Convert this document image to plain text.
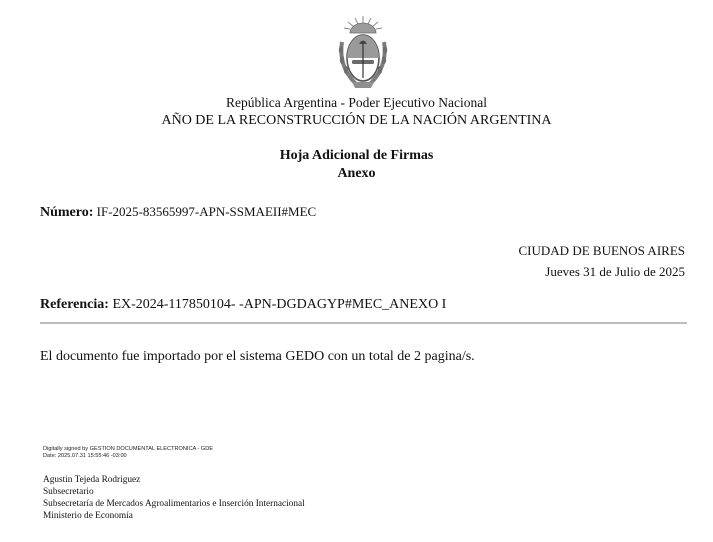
República Argentina - Poder Ejecutivo Nacional
AÑO DE LA RECONSTRUCCIÓN DE LA NACIÓN ARGENTINA
Hoja Adicional de Firmas
Anexo
Número: IF-2025-83565997-APN-SSMAEII#MEC
CIUDAD DE BUENOS AIRES
Jueves 31 de Julio de 2025
Referencia: EX-2024-117850104- -APN-DGDAGYP#MEC_ANEXO I
El documento fue importado por el sistema GEDO con un total de 2 pagina/s.
Digitally signed by GESTION DOCUMENTAL ELECTRONICA - GDE
Date: 2025.07.31 15:55:46 -03:00
Agustin Tejeda Rodriguez
Subsecretario
Subsecretaría de Mercados Agroalimentarios e Inserción Internacional
Ministerio de Economía
